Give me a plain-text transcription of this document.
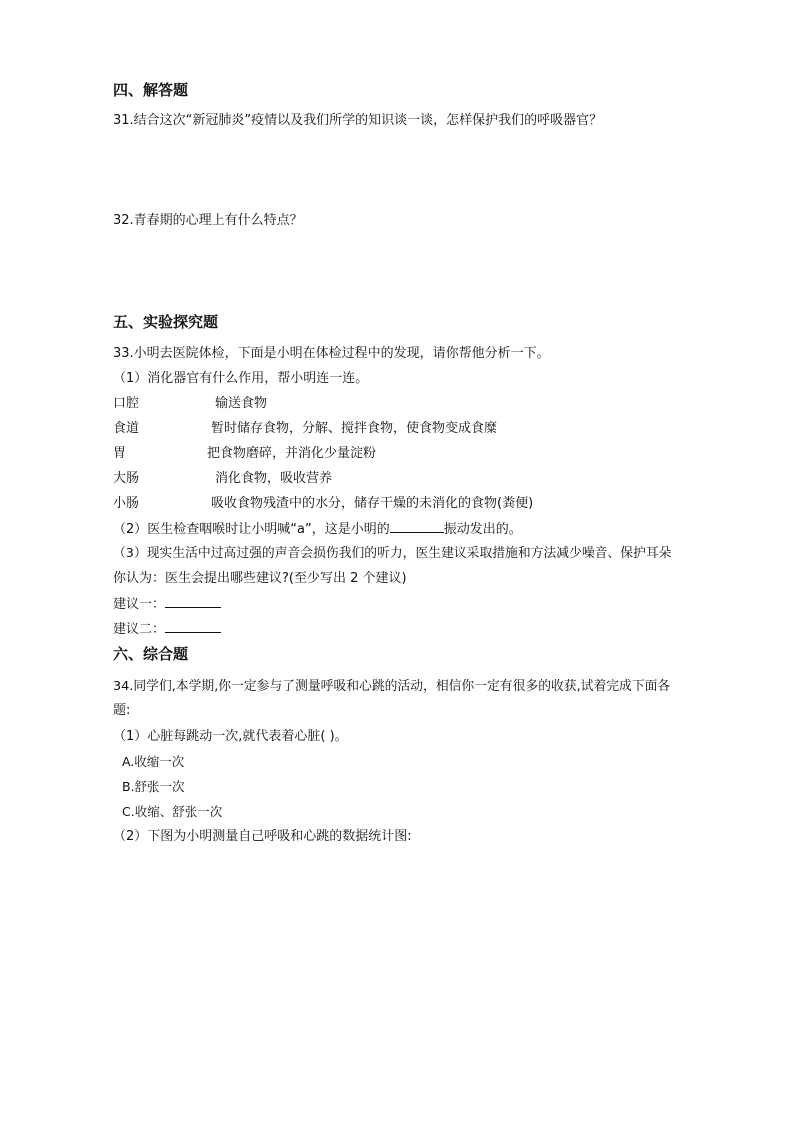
四、解答题
31.结合这次“新冠肺炎”疫情以及我们所学的知识谈一谈，怎样保护我们的呼吸器官？
32.青春期的心理上有什么特点？
五、实验探究题
33.小明去医院体检，下面是小明在体检过程中的发现，请你帮他分析一下。
（1）消化器官有什么作用，帮小明连一连。
口腔	输送食物
食道	暂时储存食物，分解、搅拌食物，使食物变成食糜
胃	把食物磨碎，并消化少量淀粉
大肠	消化食物，吸收营养
小肠	吸收食物残渣中的水分，储存干燥的未消化的食物(粪便)
（2）医生检查咽喉时让小明喊“a”，这是小明的	振动发出的。
（3）现实生活中过高过强的声音会损伤我们的听力，医生建议采取措施和方法减少噪音、保护耳朵
你认为：医生会提出哪些建议?(至少写出 2 个建议)
建议一：
建议二：
六、综合题
34.同学们,本学期,你一定参与了测量呼吸和心跳的活动，相信你一定有很多的收获,试着完成下面各
题:
（1）心脏每跳动一次,就代表着心脏( )。
A.收缩一次
B.舒张一次
C.收缩、舒张一次
（2）下图为小明测量自己呼吸和心跳的数据统计图:
